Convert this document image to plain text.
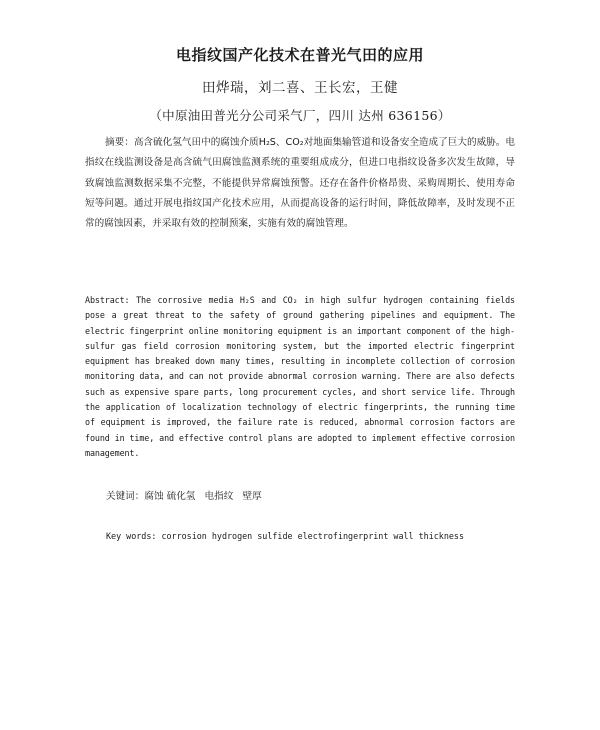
电指纹国产化技术在普光气田的应用
田烨瑞，刘二喜、王长宏，王健
（中原油田普光分公司采气厂，四川 达州 636156）
摘要：高含硫化氢气田中的腐蚀介质H₂S、CO₂对地面集输管道和设备安全造成了巨大的威胁。电指纹在线监测设备是高含硫气田腐蚀监测系统的重要组成成分，但进口电指纹设备多次发生故障，导致腐蚀监测数据采集不完整，不能提供异常腐蚀预警。还存在备件价格昂贵、采购周期长、使用寿命短等问题。通过开展电指纹国产化技术应用，从而提高设备的运行时间，降低故障率，及时发现不正常的腐蚀因素，并采取有效的控制预案，实施有效的腐蚀管理。
Abstract: The corrosive media H₂S and CO₂ in high sulfur hydrogen containing fields pose a great threat to the safety of ground gathering pipelines and equipment. The electric fingerprint online monitoring equipment is an important component of the high-sulfur gas field corrosion monitoring system, but the imported electric fingerprint equipment has breaked down many times, resulting in incomplete collection of corrosion monitoring data, and can not provide abnormal corrosion warning. There are also defects such as expensive spare parts, long procurement cycles, and short service life. Through the application of localization technology of electric fingerprints, the running time of equipment is improved, the failure rate is reduced, abnormal corrosion factors are found in time, and effective control plans are adopted to implement effective corrosion management.
关键词：腐蚀 硫化氢   电指纹   壁厚
Key words: corrosion hydrogen sulfide electrofingerprint wall thickness
